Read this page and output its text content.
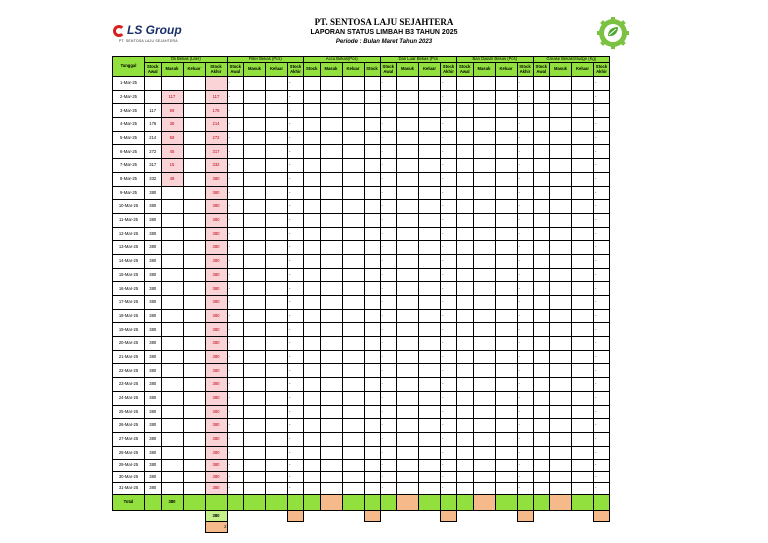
LS Group
PT. SENTOSA LAJU SEJAHTERA
PT. SENTOSA LAJU SEJAHTERA
LAPORAN STATUS LIMBAH B3 TAHUN 2025
Periode : Bulan Maret Tahun 2023
Tanggal	Oli Bekas (Liter)				Filter Bekas (Pcs)				Accu Bekas(Pcs)				Dan Luar Bekas (Pcs				Ban Dalam Bekas (Pcs)				Grease Bekas/Sludge (Kg)			
	Stock Awal	Masuk	Keluar	Stock Akhir	Stock Awal	Masuk	Keluar	Stock Akhir	Stock	Masuk	Keluar	Stock	Stock Awal	Masuk	Keluar	Stock Akhir	Stock Awal	Masuk	Keluar	Stock Akhir	Stock Awal	Masuk	Keluar	Stock Akhir
1-Mar-25					-			-					-			-				-				-
2-Mar-25		117		117	-			-					-			-				-				-
3-Mar-25	117	59		176	-			-					-			-				-				-
4-Mar-25	176	38		214	-			-					-			-				-				-
5-Mar-25	214	58		272	-			-					-			-				-				-
6-Mar-25	272	45		317	-			-					-			-				-				-
7-Mar-25	317	15		332	-			-					-			-				-				-
8-Mar-25	332	48		380	-			-					-			-				-				-
9-Mar-25	380			380	-			-					-			-				-				-
10-Mar-25	380			380	-			-					-			-				-				-
11-Mar-25	380			380	-			-					-			-				-				-
12-Mar-25	380			380	-			-					-			-				-				-
13-Mar-25	380			380	-			-					-			-				-				-
14-Mar-25	380			380	-			-					-			-				-				-
15-Mar-25	380			380	-			-					-			-				-				-
16-Mar-25	380			380	-			-					-			-				-				-
17-Mar-25	380			380	-			-					-			-				-				-
18-Mar-25	380			380	-			-					-			-				-				-
19-Mar-25	380			380	-			-					-			-				-				-
20-Mar-25	380			380	-			-					-			-				-				-
21-Mar-25	380			380	-			-					-			-				-				-
22-Mar-25	380			380	-			-					-			-				-				-
23-Mar-25	380			380	-			-					-			-				-				-
24-Mar-25	380			380	-			-					-			-				-				-
25-Mar-25	380			380	-			-					-			-				-				-
26-Mar-25	380			380	-			-					-			-				-				-
27-Mar-25	380			380	-			-					-			-				-				-
28-Mar-25	380			380	-			-					-			-				-				-
29-Mar-25	380			380	-			-					-			-				-				-
30-Mar-25	380			380	-			-					-			-				-				-
31-Mar-25	380			380	-			-					-			-				-				-
Total		380																						
				380																				
				2																				
